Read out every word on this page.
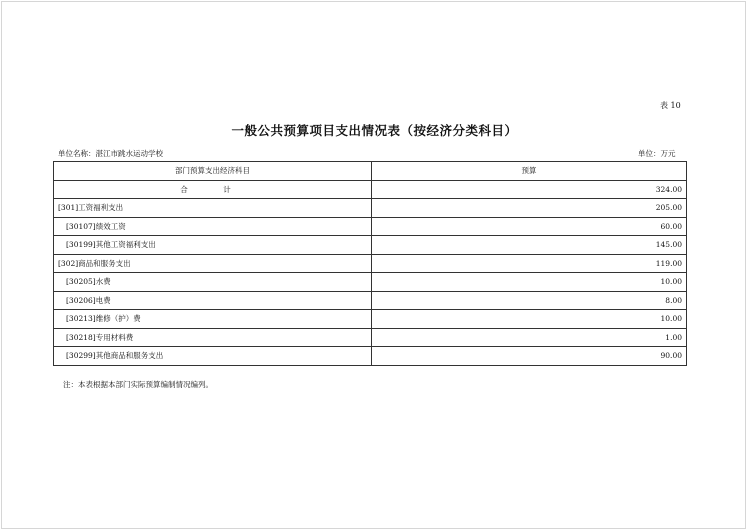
表 10
一般公共预算项目支出情况表（按经济分类科目）
单位名称：湛江市跳水运动学校	单位：万元
部门预算支出经济科目	预算
合　计	324.00
[301]工资福利支出	205.00
[30107]绩效工资	60.00
[30199]其他工资福利支出	145.00
[302]商品和服务支出	119.00
[30205]水费	10.00
[30206]电费	8.00
[30213]维修（护）费	10.00
[30218]专用材料费	1.00
[30299]其他商品和服务支出	90.00
注：本表根据本部门实际预算编制情况编列。
